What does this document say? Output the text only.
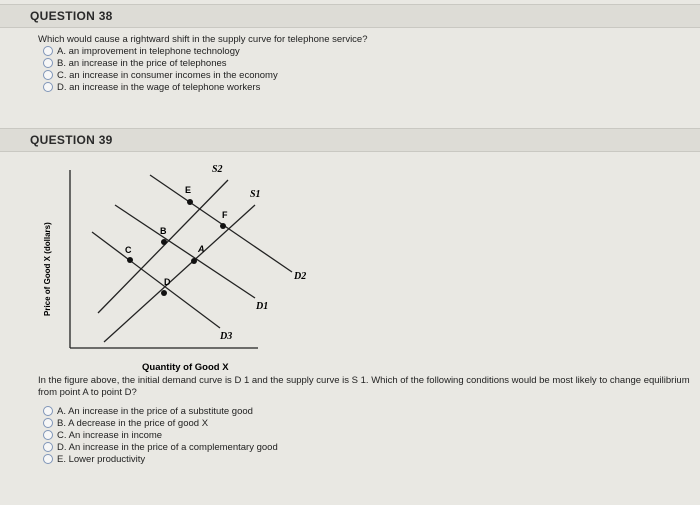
QUESTION 38
Which would cause a rightward shift in the supply curve for telephone service?
A. an improvement in telephone technology
B. an increase in the price of telephones
C. an increase in consumer incomes in the economy
D. an increase in the wage of telephone workers
QUESTION 39
A
B
C
D
E
F
S2
S1
D2
D1
D3
Price of Good X (dollars)
Quantity of Good X
In the figure above, the initial demand curve is D 1 and the supply curve is S 1. Which of the following conditions would be most likely to change equilibrium from point A to point D?
A. An increase in the price of a substitute good
B. A decrease in the price of good X
C. An increase in income
D. An increase in the price of a complementary good
E. Lower productivity
